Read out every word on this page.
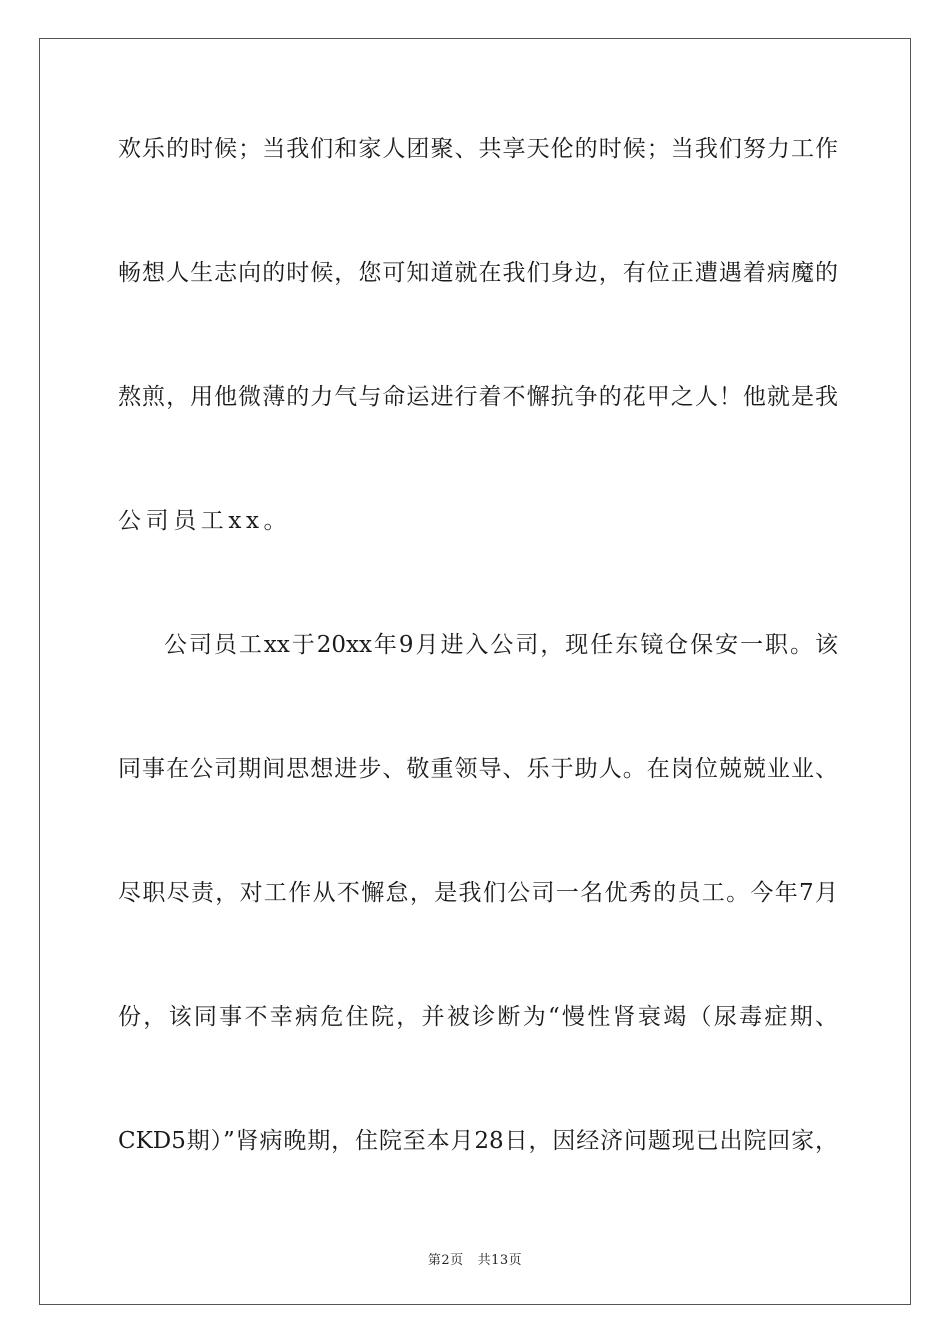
欢乐的时候；当我们和家人团聚、共享天伦的时候；当我们努力工作
畅想人生志向的时候，您可知道就在我们身边，有位正遭遇着病魔的
熬煎，用他微薄的力气与命运进行着不懈抗争的花甲之人！他就是我
公司员工xx。
公司员工xx于20xx年9月进入公司，现任东镜仓保安一职。该
同事在公司期间思想进步、敬重领导、乐于助人。在岗位兢兢业业、
尽职尽责，对工作从不懈怠，是我们公司一名优秀的员工。今年7月
份，该同事不幸病危住院，并被诊断为“慢性肾衰竭（尿毒症期、
CKD5期）”肾病晚期，住院至本月28日，因经济问题现已出院回家，
第2页 共13页
